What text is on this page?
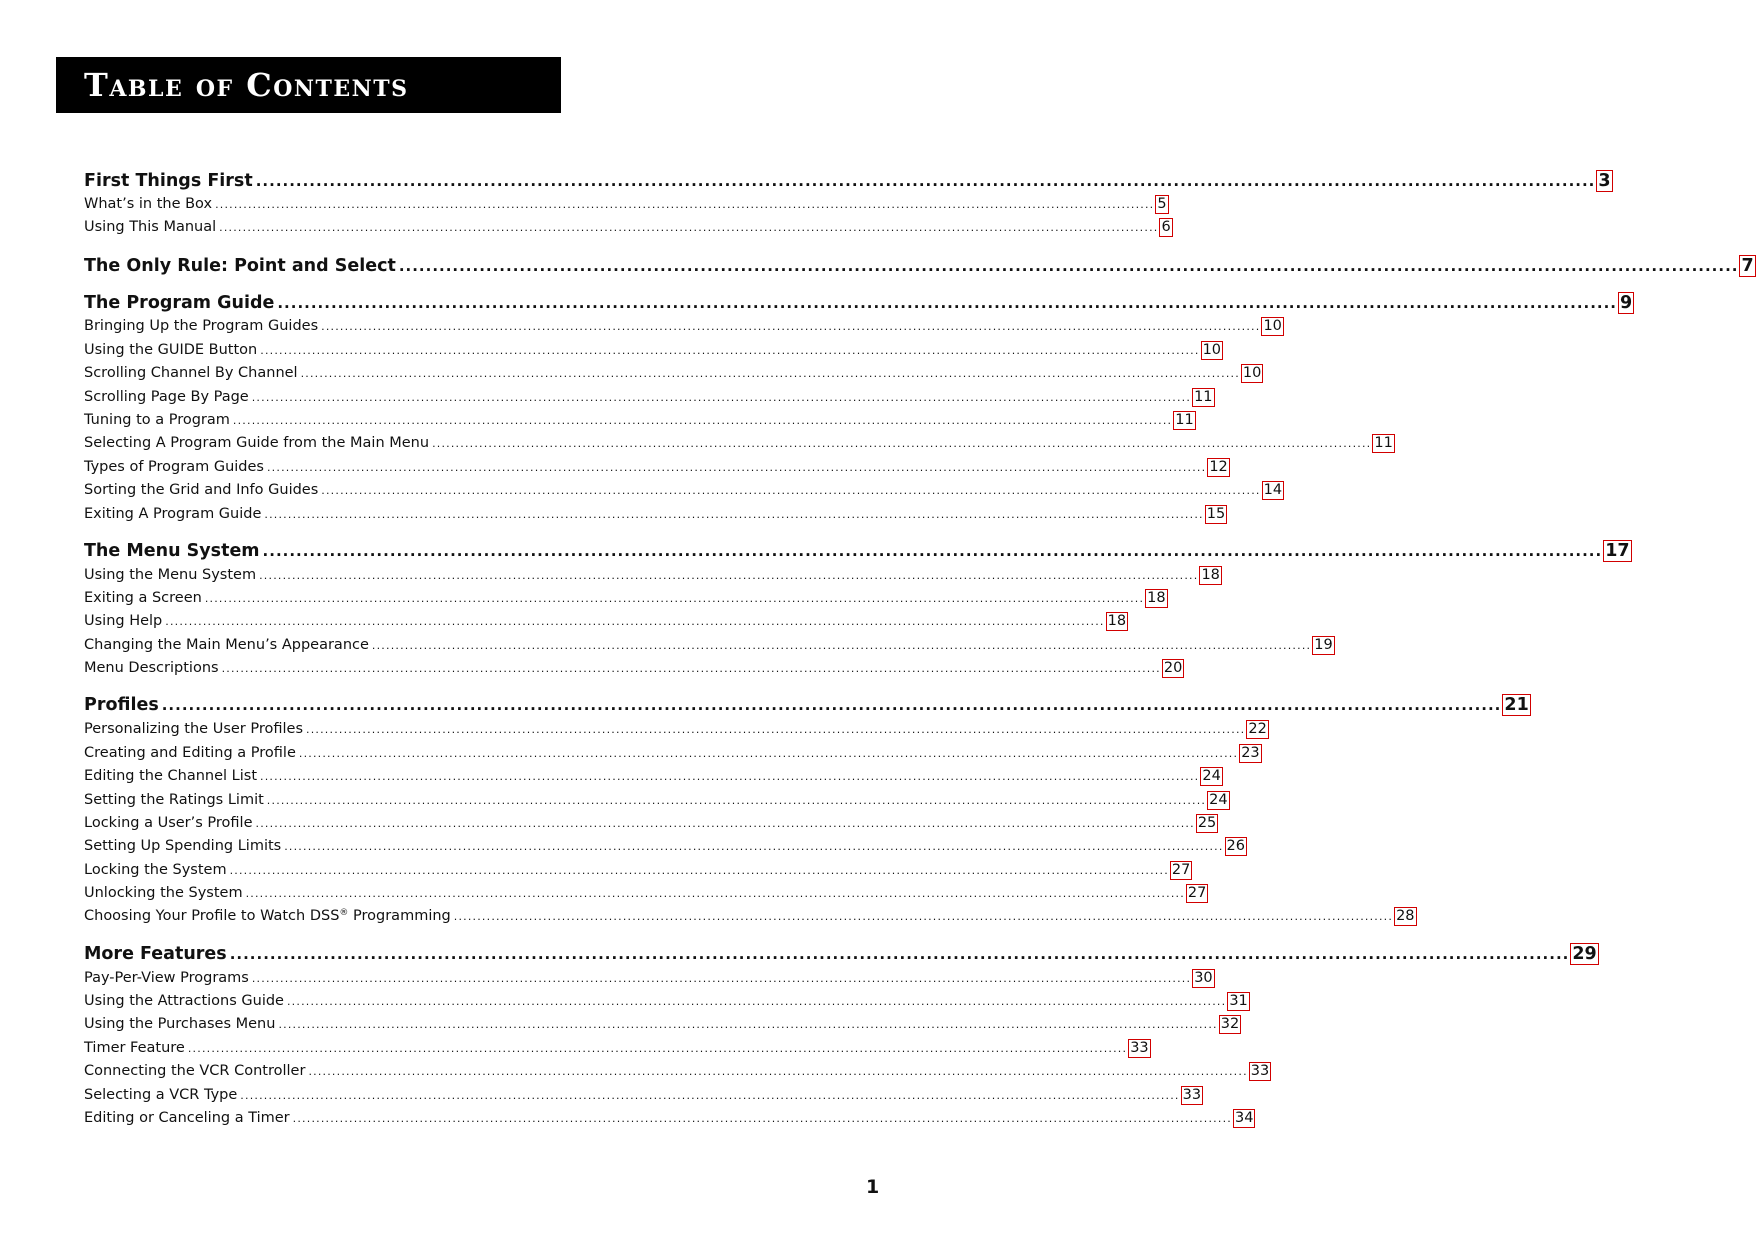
Table of Contents
First Things First ........................................................................................................................................................................................................ 3
What’s in the Box ........................................................................................................................................................................................................ 5
Using This Manual ........................................................................................................................................................................................................ 6
The Only Rule: Point and Select ........................................................................................................................................................................................................ 7
The Program Guide ........................................................................................................................................................................................................ 9
Bringing Up the Program Guides ........................................................................................................................................................................................................ 10
Using the GUIDE Button ........................................................................................................................................................................................................ 10
Scrolling Channel By Channel ........................................................................................................................................................................................................ 10
Scrolling Page By Page ........................................................................................................................................................................................................ 11
Tuning to a Program ........................................................................................................................................................................................................ 11
Selecting A Program Guide from the Main Menu ........................................................................................................................................................................................................ 11
Types of Program Guides ........................................................................................................................................................................................................ 12
Sorting the Grid and Info Guides ........................................................................................................................................................................................................ 14
Exiting A Program Guide ........................................................................................................................................................................................................ 15
The Menu System ........................................................................................................................................................................................................ 17
Using the Menu System ........................................................................................................................................................................................................ 18
Exiting a Screen ........................................................................................................................................................................................................ 18
Using Help ........................................................................................................................................................................................................ 18
Changing the Main Menu’s Appearance ........................................................................................................................................................................................................ 19
Menu Descriptions ........................................................................................................................................................................................................ 20
Profiles ........................................................................................................................................................................................................ 21
Personalizing the User Profiles ........................................................................................................................................................................................................ 22
Creating and Editing a Profile ........................................................................................................................................................................................................ 23
Editing the Channel List ........................................................................................................................................................................................................ 24
Setting the Ratings Limit ........................................................................................................................................................................................................ 24
Locking a User’s Profile ........................................................................................................................................................................................................ 25
Setting Up Spending Limits ........................................................................................................................................................................................................ 26
Locking the System ........................................................................................................................................................................................................ 27
Unlocking the System ........................................................................................................................................................................................................ 27
Choosing Your Profile to Watch DSS® Programming ........................................................................................................................................................................................................ 28
More Features ........................................................................................................................................................................................................ 29
Pay-Per-View Programs ........................................................................................................................................................................................................ 30
Using the Attractions Guide ........................................................................................................................................................................................................ 31
Using the Purchases Menu ........................................................................................................................................................................................................ 32
Timer Feature ........................................................................................................................................................................................................ 33
Connecting the VCR Controller ........................................................................................................................................................................................................ 33
Selecting a VCR Type ........................................................................................................................................................................................................ 33
Editing or Canceling a Timer ........................................................................................................................................................................................................ 34
1
